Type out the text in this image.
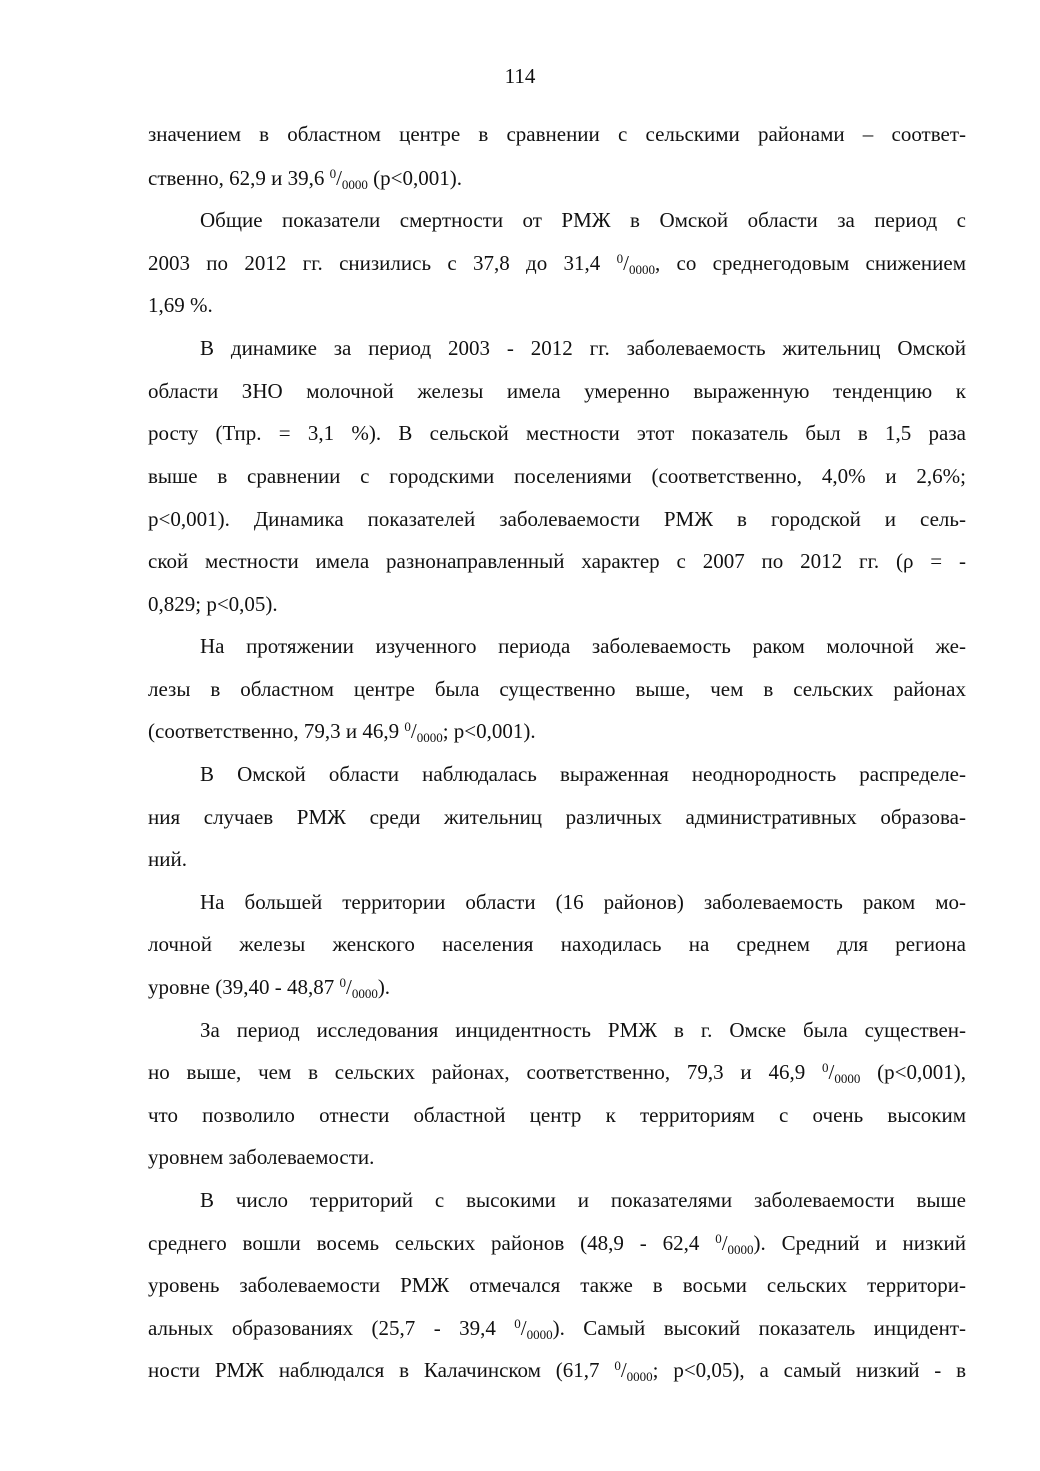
114
значением в областном центре в сравнении с сельскими районами – соответ-
ственно, 62,9 и 39,6 $^0/_{0000}$ (p<0,001).
Общие показатели смертности от РМЖ в Омской области за период с
2003 по 2012 гг. снизились с 37,8 до 31,4 $^0/_{0000}$, со среднегодовым снижением
1,69 %.
В динамике за период 2003 - 2012 гг. заболеваемость жительниц Омской
области ЗНО молочной железы имела умеренно выраженную тенденцию к
росту (Тпр. = 3,1 %). В сельской местности этот показатель был в 1,5 раза
выше в сравнении с городскими поселениями (соответственно, 4,0% и 2,6%;
p<0,001). Динамика показателей заболеваемости РМЖ в городской и сель-
ской местности имела разнонаправленный характер с 2007 по 2012 гг. (ρ = -
0,829; p<0,05).
На протяжении изученного периода заболеваемость раком молочной же-
лезы в областном центре была существенно выше, чем в сельских районах
(соответственно, 79,3 и 46,9 $^0/_{0000}$; p<0,001).
В Омской области наблюдалась выраженная неоднородность распределе-
ния случаев РМЖ среди жительниц различных административных образова-
ний.
На большей территории области (16 районов) заболеваемость раком мо-
лочной железы женского населения находилась на среднем для региона
уровне (39,40 - 48,87 $^0/_{0000}$).
За период исследования инцидентность РМЖ в г. Омске была существен-
но выше, чем в сельских районах, соответственно, 79,3 и 46,9 $^0/_{0000}$ (p<0,001),
что позволило отнести областной центр к территориям с очень высоким
уровнем заболеваемости.
В число территорий с высокими и показателями заболеваемости выше
среднего вошли восемь сельских районов (48,9 - 62,4 $^0/_{0000}$). Средний и низкий
уровень заболеваемости РМЖ отмечался также в восьми сельских территори-
альных образованиях (25,7 - 39,4 $^0/_{0000}$). Самый высокий показатель инцидент-
ности РМЖ наблюдался в Калачинском (61,7 $^0/_{0000}$; p<0,05), а самый низкий - в
